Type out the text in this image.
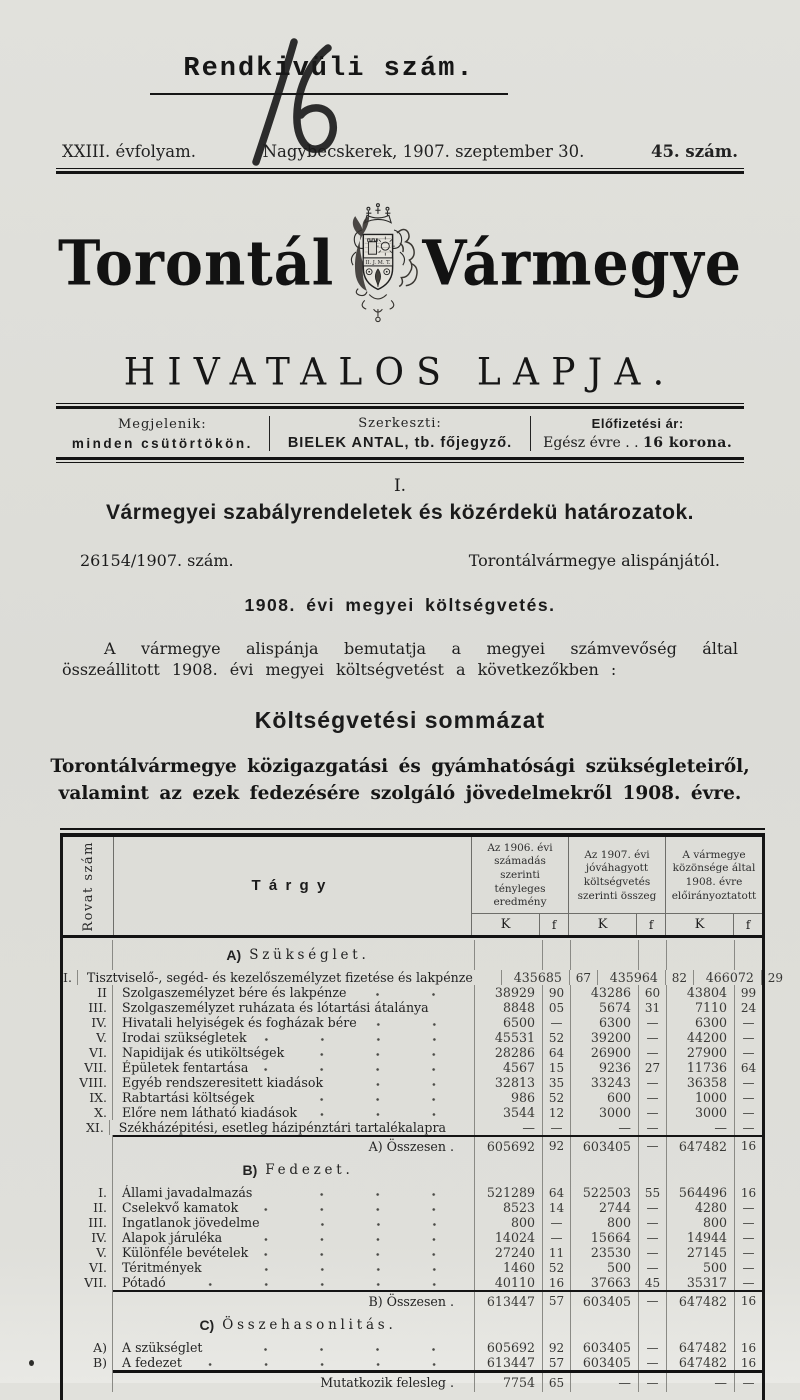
Rendkivüli szám.
XXIII. évfolyam.	Nagybecskerek, 1907. szeptember 30.	45. szám.
Torontál	II. J. M. T. Vármegye
HIVATALOS LAPJA.
Megjelenik:
minden csütörtökön.
Szerkeszti:
BIELEK ANTAL, tb. főjegyző.
Előfizetési ár:
Egész évre . . 16 korona.
I.
Vármegyei szabályrendeletek és közérdekü határozatok.
26154/1907. szám.	Torontálvármegye alispánjától.
1908. évi megyei költségvetés.

A vármegye alispánja bemutatja a megyei számvevőség által összeállitott 1908. évi megyei költségvetést a következőkben :

Költségvetési sommázat
Torontálvármegye közigazgatási és gyámhatósági szükségleteiről, valamint az ezek fedezésére szolgáló jövedelmekről 1908. évre.
Rovat szám	Tárgy
Az 1906. évi számadás szerinti tényleges eredmény
K	f
Az 1907. évi jóváhagyott költségvetés szerinti összeg
K	f
A vármegye közönsége által 1908. évre előirányoztatott
K	f
A) Szükséglet.
I.	Tisztviselő-, segéd- és kezelőszemélyzet fizetése és lakpénze	435685	67	435964	82	466072	29
II	Szolgaszemélyzet bére és lakpénze	38929	90	43286	60	43804	99
III.	Szolgaszemélyzet ruházata és lótartási átalánya	8848	05	5674	31	7110	24
IV.	Hivatali helyiségek és fogházak bére	6500	—	6300	—	6300	—
V.	Irodai szükségletek	45531	52	39200	—	44200	—
VI.	Napidijak és utiköltségek	28286	64	26900	—	27900	—
VII.	Épületek fentartása	4567	15	9236	27	11736	64
VIII.	Egyéb rendszeresitett kiadások	32813	35	33243	—	36358	—
IX.	Rabtartási költségek	986	52	600	—	1000	—
X.	Előre nem látható kiadások	3544	12	3000	—	3000	—
XI.	Székházépitési, esetleg házipénztári tartalékalapra	—	—	—	—	—	—
A) Összesen .	605692	92	603405	—	647482	16
B) Fedezet.
I.	Állami javadalmazás	521289	64	522503	55	564496	16
II.	Cselekvő kamatok	8523	14	2744	—	4280	—
III.	Ingatlanok jövedelme	800	—	800	—	800	—
IV.	Alapok járuléka	14024	—	15664	—	14944	—
V.	Különféle bevételek	27240	11	23530	—	27145	—
VI.	Téritmények	1460	52	500	—	500	—
VII.	Pótadó	40110	16	37663	45	35317	—
B) Összesen .	613447	57	603405	—	647482	16
C) Összehasonlitás.
A)	A szükséglet	605692	92	603405	—	647482	16
B)	A fedezet	613447	57	603405	—	647482	16
Mutatkozik felesleg .	7754	65	—	—	—	—
